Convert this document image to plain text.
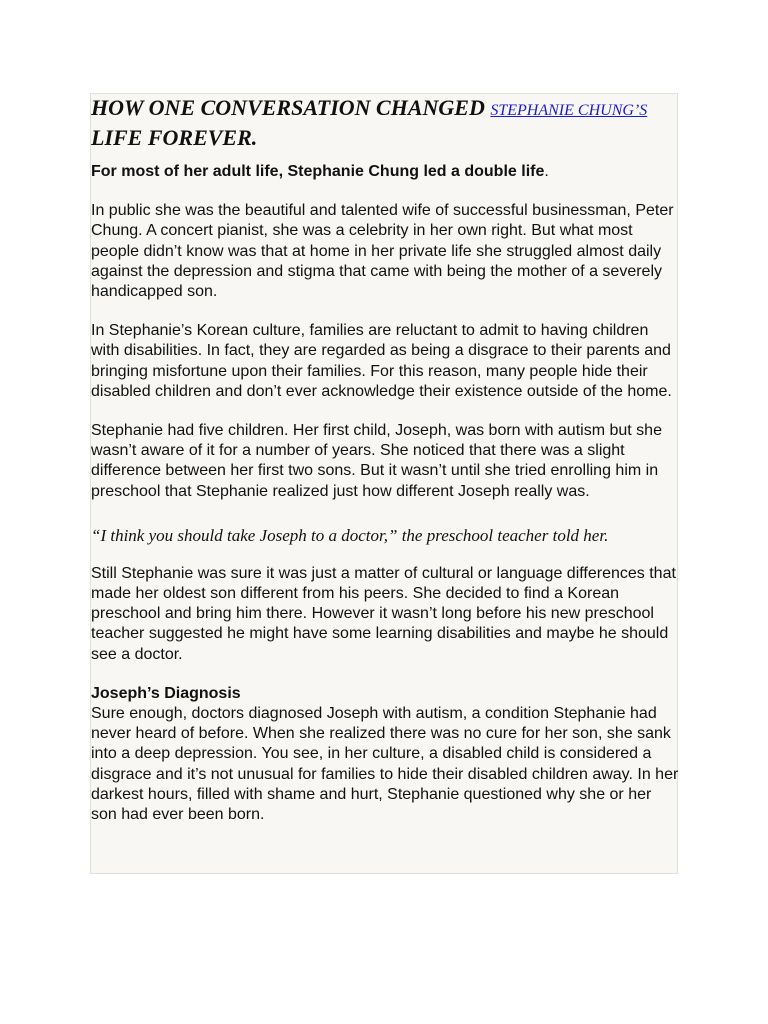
HOW ONE CONVERSATION CHANGED STEPHANIE CHUNG’S LIFE FOREVER.

For most of her adult life, Stephanie Chung led a double life.

In public she was the beautiful and talented wife of successful businessman, Peter Chung. A concert pianist, she was a celebrity in her own right. But what most people didn’t know was that at home in her private life she struggled almost daily against the depression and stigma that came with being the mother of a severely handicapped son.

In Stephanie’s Korean culture, families are reluctant to admit to having children with disabilities. In fact, they are regarded as being a disgrace to their parents and bringing misfortune upon their families. For this reason, many people hide their disabled children and don’t ever acknowledge their existence outside of the home.

Stephanie had five children. Her first child, Joseph, was born with autism but she wasn’t aware of it for a number of years. She noticed that there was a slight difference between her first two sons. But it wasn’t until she tried enrolling him in preschool that Stephanie realized just how different Joseph really was.

“I think you should take Joseph to a doctor,” the preschool teacher told her.

Still Stephanie was sure it was just a matter of cultural or language differences that made her oldest son different from his peers. She decided to find a Korean preschool and bring him there. However it wasn’t long before his new preschool teacher suggested he might have some learning disabilities and maybe he should see a doctor.

Joseph’s Diagnosis

Sure enough, doctors diagnosed Joseph with autism, a condition Stephanie had never heard of before. When she realized there was no cure for her son, she sank into a deep depression. You see, in her culture, a disabled child is considered a disgrace and it’s not unusual for families to hide their disabled children away. In her darkest hours, filled with shame and hurt, Stephanie questioned why she or her son had ever been born.
